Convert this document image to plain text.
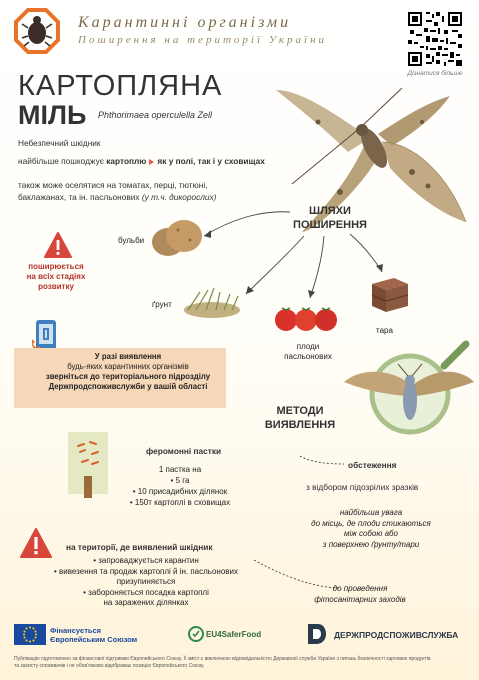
Карантинні організми
Поширення на території України
Дізнатися більше
КАРТОПЛЯНА
МІЛЬ Phthorimaea operculella Zell
Небезпечний шкідник
найбільше пошкоджує картоплю як у полі, так і у сховищах
також може оселятися на томатах, перці, тютюні,
баклажанах, та ін. пасльонових (у т.ч. дикорослих)
ШЛЯХИ
ПОШИРЕННЯ
бульби
ґрунт
плоди
пасльонових
тара
поширюється
на всіх стадіях
розвитку
У разі виявлення
будь-яких карантинних організмів
зверніться до територіального підрозділу
Держпродспоживслужби у вашій області
МЕТОДИ
ВИЯВЛЕННЯ
феромонні пастки
1 пастка на
• 5 га
• 10 присадибних ділянок
• 150т картоплі в сховищах
обстеження
з відбором підозрілих зразків
найбільша увага
до місць, де плоди стикаються
між собою або
з поверхнею ґрунту/тари
на території, де виявлений шкідник
• запроваджується карантин
• вивезення та продаж картоплі й ін. пасльонових
призупиняється
• забороняється посадка картоплі
на заражених ділянках
до проведення
фітосанітарних заходів
Фінансується
Європейським Союзом
EU4SaferFood	ДЕРЖПРОДСПОЖИВСЛУЖБА
Публікацію підготовлено за фінансової підтримки Європейського Союзу. Її зміст є виключною відповідальністю Державної служби України з питань безпечності харчових продуктів
та захисту споживачів і не обов'язково відображає позицію Європейського Союзу.
